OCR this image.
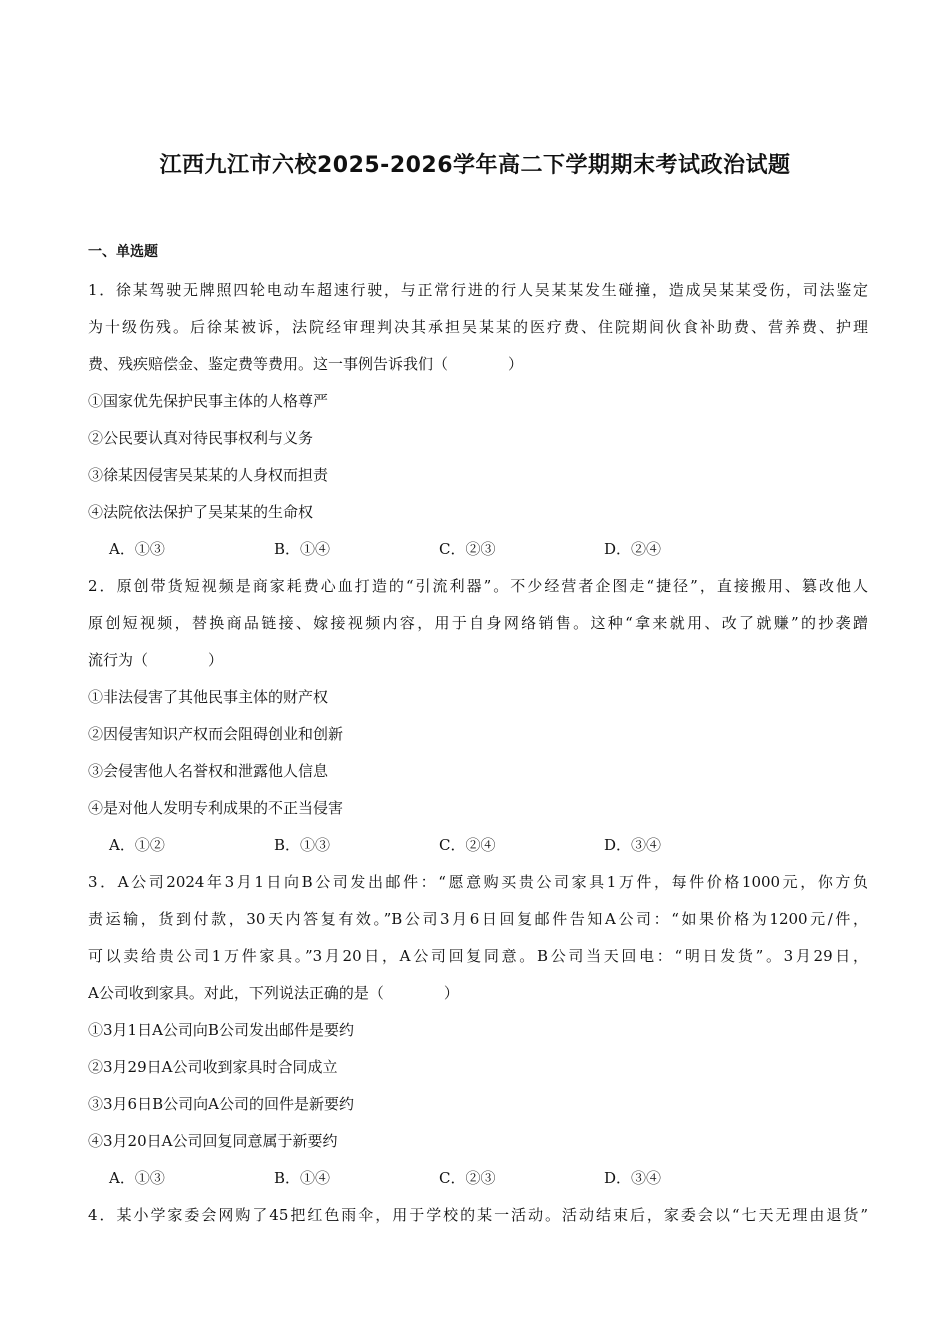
江西九江市六校2025-2026学年高二下学期期末考试政治试题
一、单选题
1．徐某驾驶无牌照四轮电动车超速行驶，与正常行进的行人吴某某发生碰撞，造成吴某某受伤，司法鉴定
为十级伤残。后徐某被诉，法院经审理判决其承担吴某某的医疗费、住院期间伙食补助费、营养费、护理
费、残疾赔偿金、鉴定费等费用。这一事例告诉我们（　　　　）
①国家优先保护民事主体的人格尊严
②公民要认真对待民事权利与义务
③徐某因侵害吴某某的人身权而担责
④法院依法保护了吴某某的生命权
A．①③	B．①④	C．②③	D．②④
2．原创带货短视频是商家耗费心血打造的“引流利器”。不少经营者企图走“捷径”，直接搬用、篡改他人
原创短视频，替换商品链接、嫁接视频内容，用于自身网络销售。这种“拿来就用、改了就赚”的抄袭蹭
流行为（　　　　）
①非法侵害了其他民事主体的财产权
②因侵害知识产权而会阻碍创业和创新
③会侵害他人名誉权和泄露他人信息
④是对他人发明专利成果的不正当侵害
A．①②	B．①③	C．②④	D．③④
3．A公司2024年3月1日向B公司发出邮件：“愿意购买贵公司家具1万件，每件价格1000元，你方负
责运输，货到付款，30天内答复有效。”B公司3月6日回复邮件告知A公司：“如果价格为1200元/件，
可以卖给贵公司1万件家具。”3月20日，A公司回复同意。B公司当天回电：“明日发货”。3月29日，
A公司收到家具。对此，下列说法正确的是（　　　　）
①3月1日A公司向B公司发出邮件是要约
②3月29日A公司收到家具时合同成立
③3月6日B公司向A公司的回件是新要约
④3月20日A公司回复同意属于新要约
A．①③	B．①④	C．②③	D．③④
4．某小学家委会网购了45把红色雨伞，用于学校的某一活动。活动结束后，家委会以“七天无理由退货”
